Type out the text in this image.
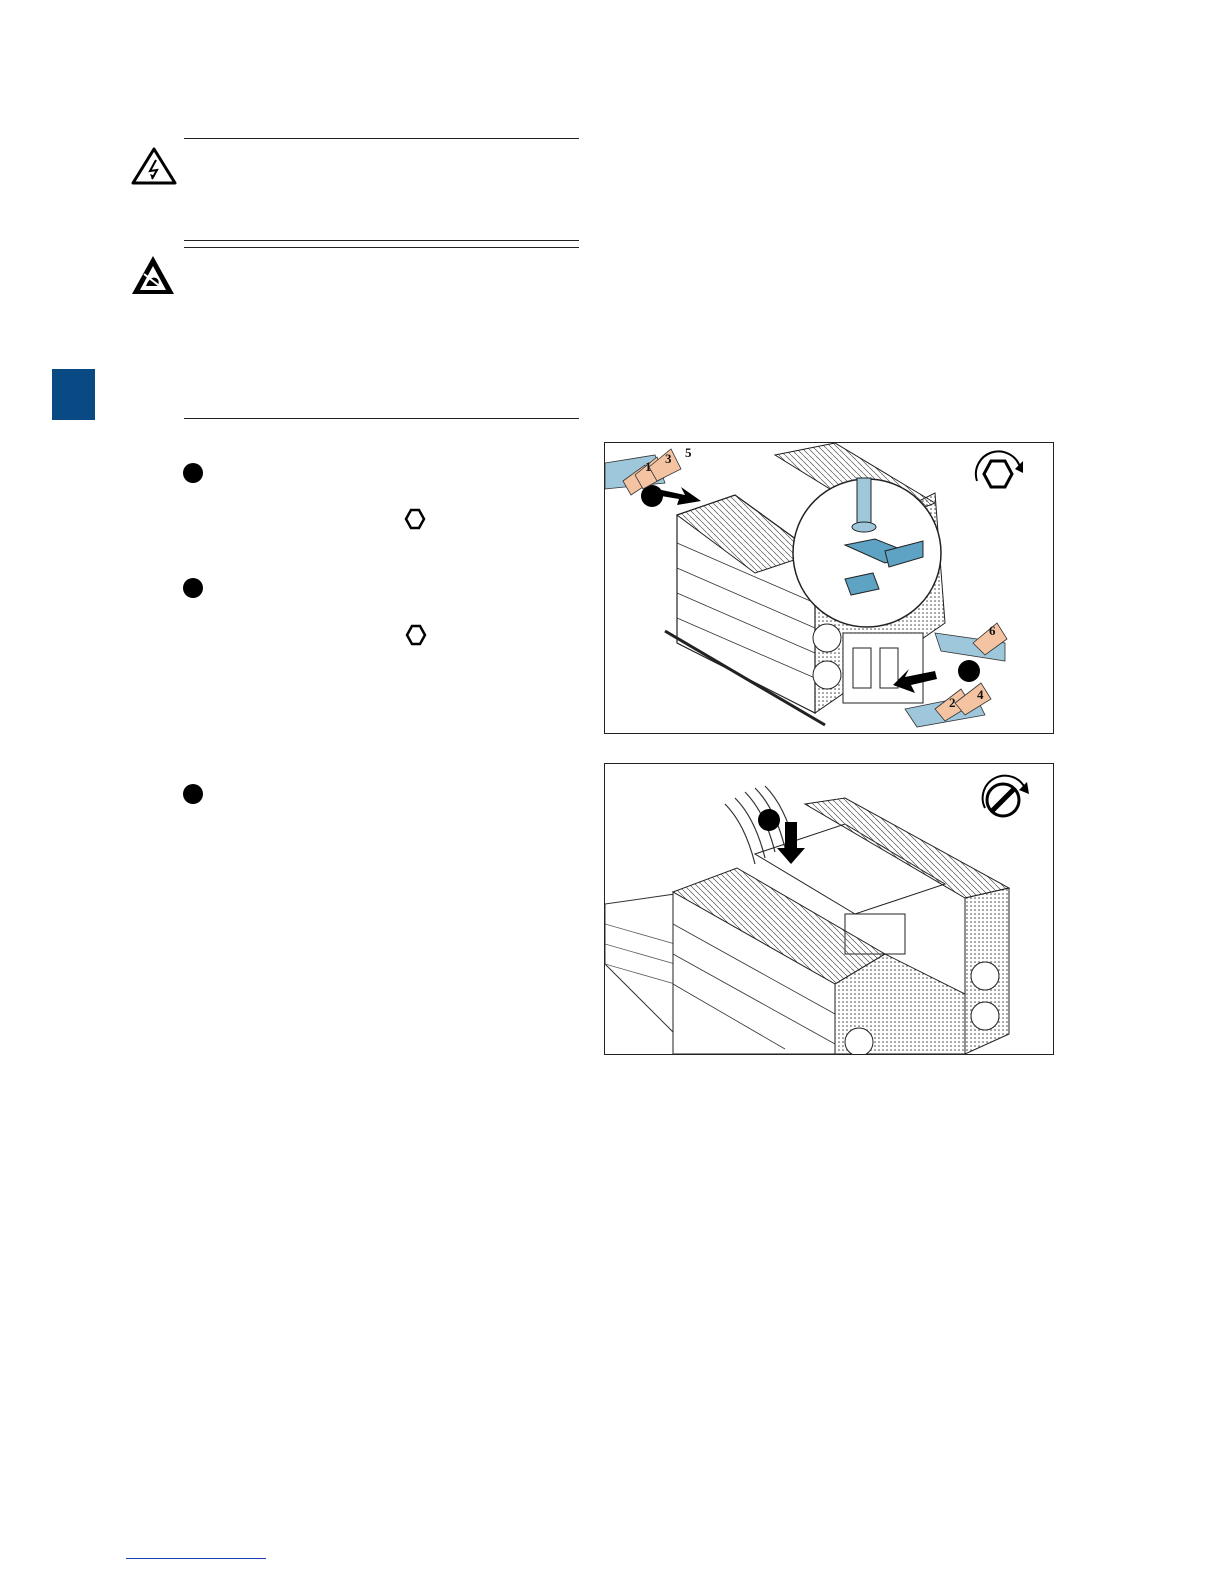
1
3 5
6
2
4
